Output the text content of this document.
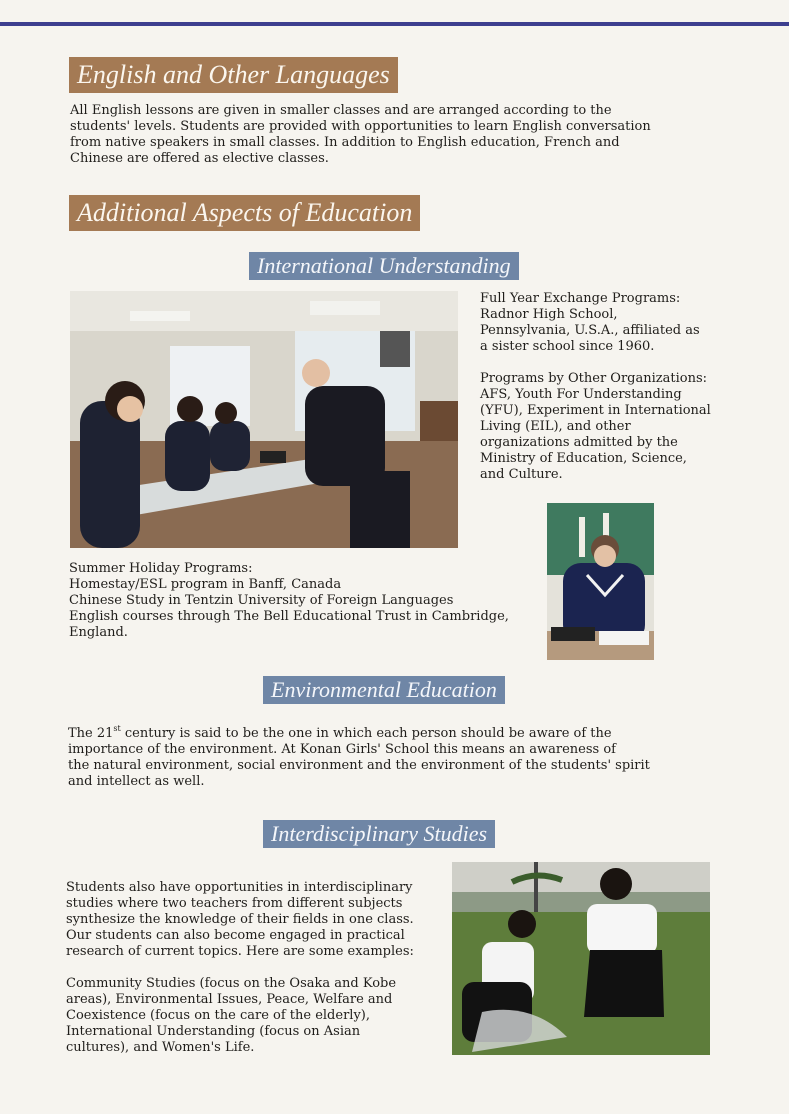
English and Other Languages

All English lessons are given in smaller classes and are arranged according to the
students' levels. Students are provided with opportunities to learn English conversation
from native speakers in small classes. In addition to English education, French and
Chinese are offered as elective classes.

Additional Aspects of Education
International Understanding

Full Year Exchange Programs:
Radnor High School,
Pennsylvania, U.S.A., affiliated as
a sister school since 1960.

Programs by Other Organizations:
AFS, Youth For Understanding
(YFU), Experiment in International
Living (EIL), and other
organizations admitted by the
Ministry of Education, Science,
and Culture.

Summer Holiday Programs:
Homestay/ESL program in Banff, Canada
Chinese Study in Tentzin University of Foreign Languages
English courses through The Bell Educational Trust in Cambridge,
England.

Environmental Education

The 21st century is said to be the one in which each person should be aware of the
importance of the environment. At Konan Girls' School this means an awareness of
the natural environment, social environment and the environment of the students' spirit
and intellect as well.

Interdisciplinary Studies

Students also have opportunities in interdisciplinary
studies where two teachers from different subjects
synthesize the knowledge of their fields in one class.
Our students can also become engaged in practical
research of current topics. Here are some examples:

Community Studies (focus on the Osaka and Kobe
areas), Environmental Issues, Peace, Welfare and
Coexistence (focus on the care of the elderly),
International Understanding (focus on Asian
cultures), and Women's Life.
